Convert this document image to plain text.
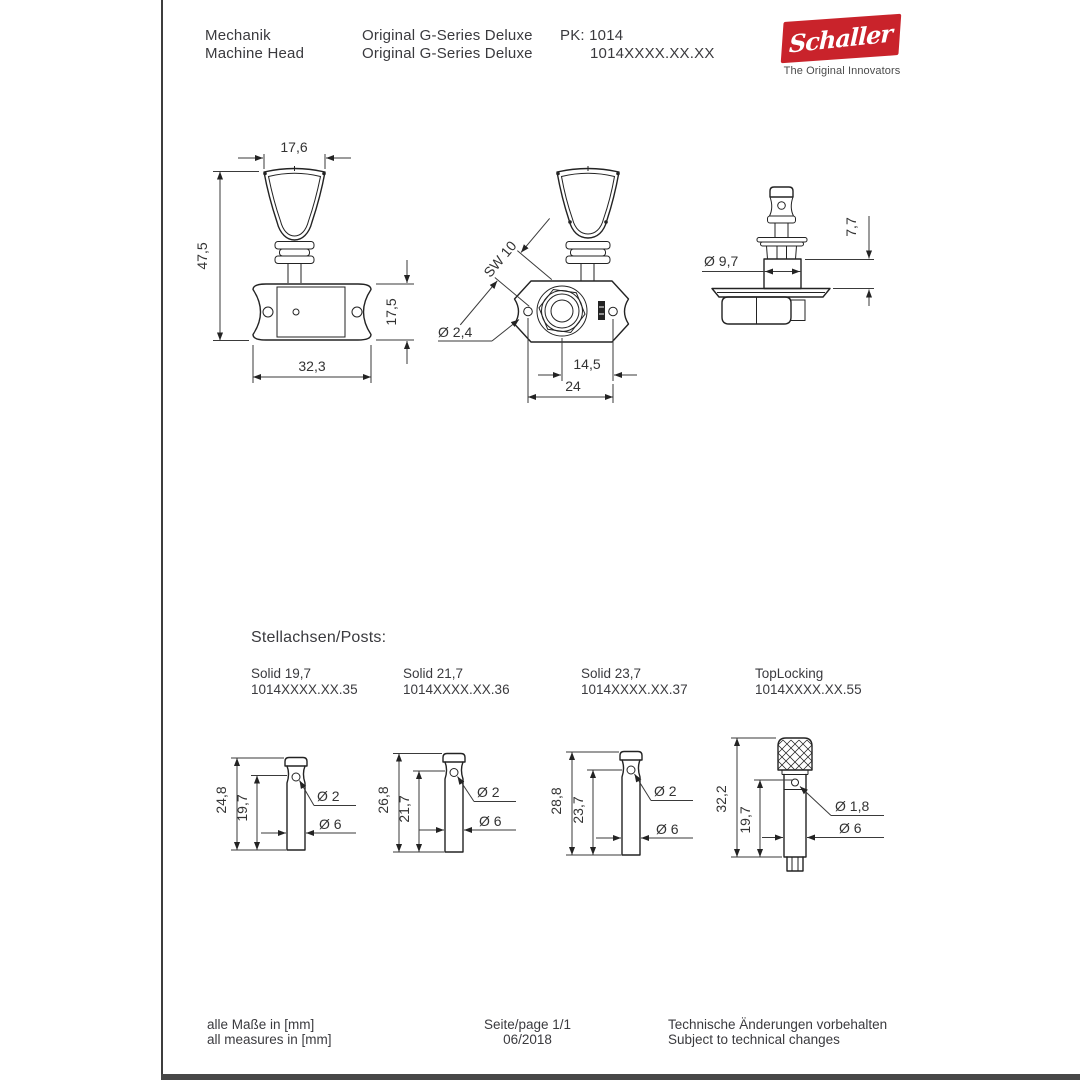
Mechanik
Machine Head
Original G-Series Deluxe
Original G-Series Deluxe
PK: 1014
1014XXXX.XX.XX	Schaller
The Original Innovators
17,6
47,5
17,5
32,3
SW 10
Ø 2,4
14,5
24
Ø 9,7
7,7
24,8 19,7	Ø 2
Ø 6
26,8 21,7
Ø 2
Ø 6
28,8 23,7
Ø 2
Ø 6
32,2
19,7
Ø 1,8
Ø 6
Stellachsen/Posts:
Solid 19,7
1014XXXX.XX.35
Solid 21,7
1014XXXX.XX.36
Solid 23,7
1014XXXX.XX.37
TopLocking
1014XXXX.XX.55
alle Maße in [mm]
all measures in [mm]
Seite/page 1/1
06/2018
Technische Änderungen vorbehalten
Subject to technical changes
